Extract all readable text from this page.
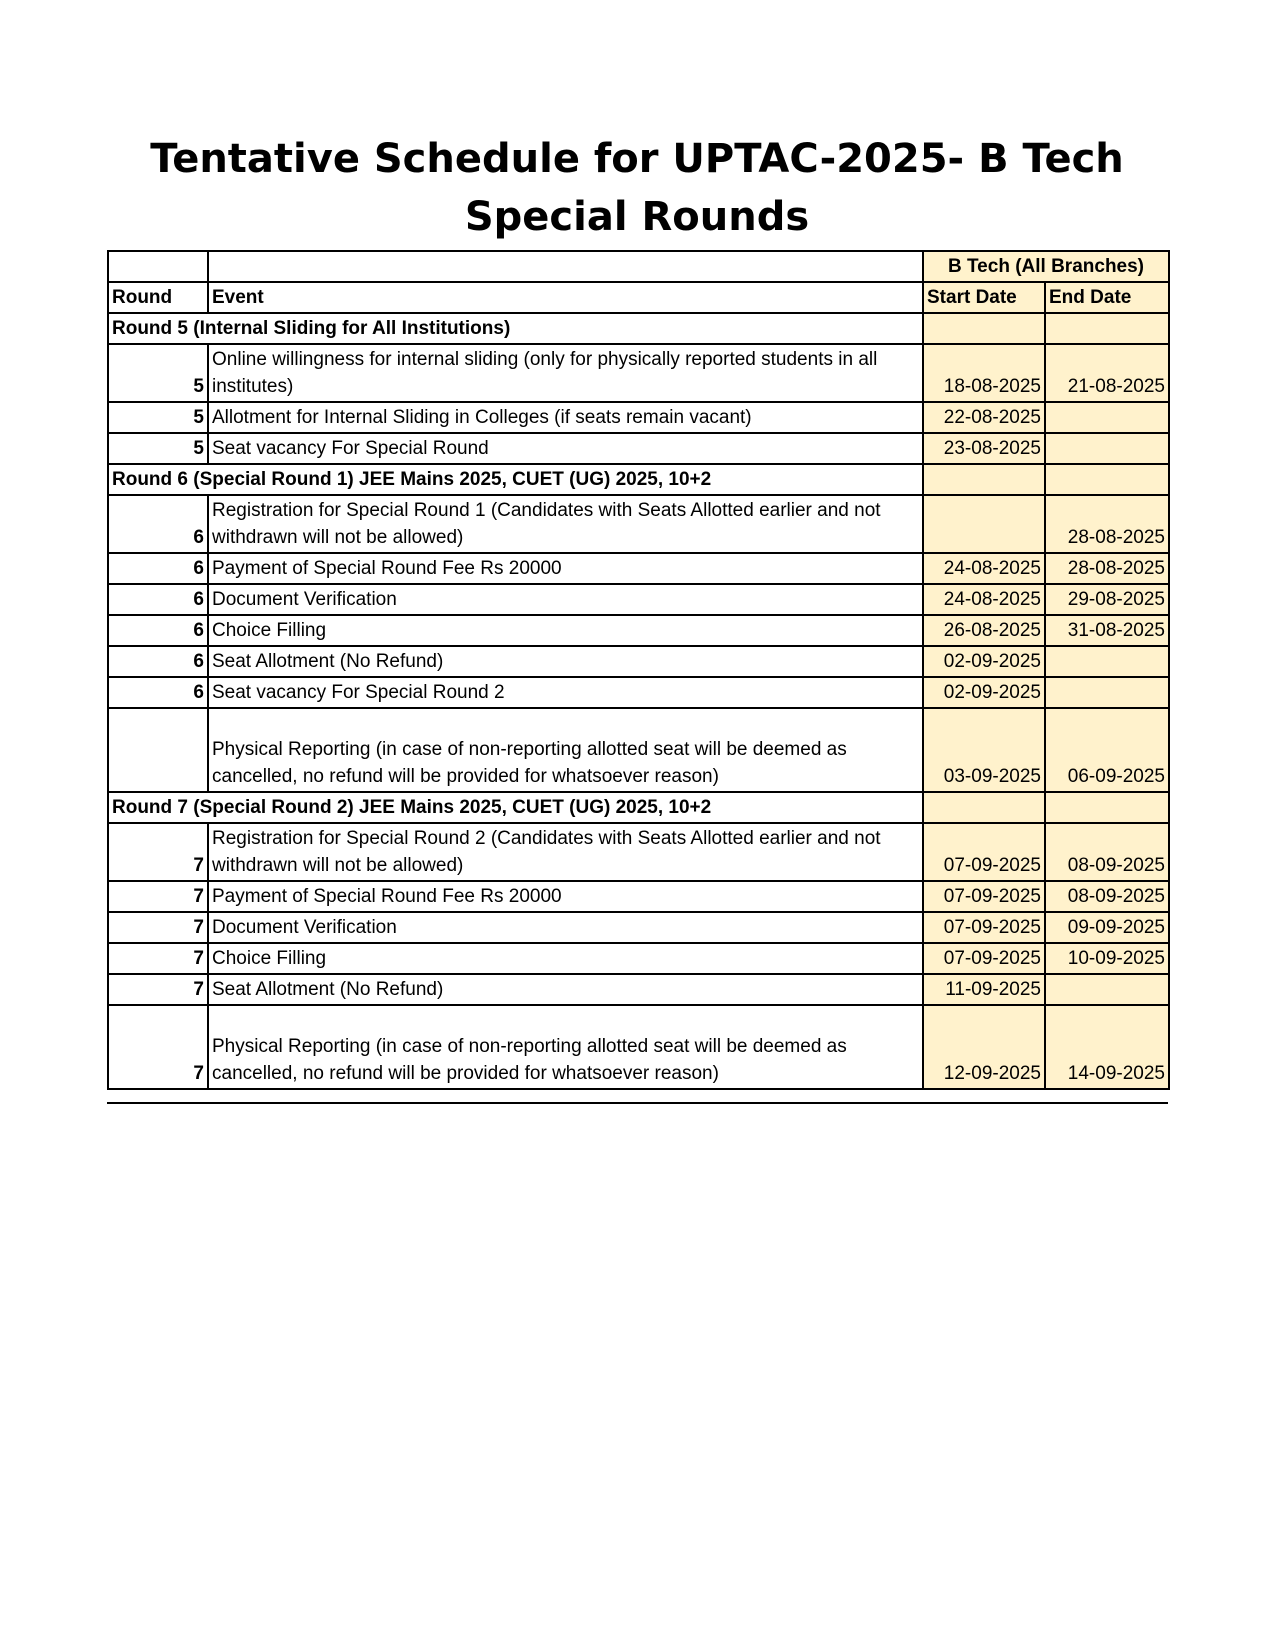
Tentative Schedule for UPTAC-2025- B Tech
Special Rounds
		B Tech (All Branches)	
Round	Event	Start Date	End Date
Round 5 (Internal Sliding for All Institutions)			
5	Online willingness for internal sliding (only for physically reported students in all institutes)	18-08-2025	21-08-2025
5	Allotment for Internal Sliding in Colleges (if seats remain vacant)	22-08-2025	
5	Seat vacancy For Special Round	23-08-2025	
Round 6 (Special Round 1) JEE Mains 2025, CUET (UG) 2025, 10+2			
6	Registration for Special Round 1 (Candidates with Seats Allotted earlier and not withdrawn will not be allowed)		28-08-2025
6	Payment of Special Round Fee Rs 20000	24-08-2025	28-08-2025
6	Document Verification	24-08-2025	29-08-2025
6	Choice Filling	26-08-2025	31-08-2025
6	Seat Allotment (No Refund)	02-09-2025	
6	Seat vacancy For Special Round 2	02-09-2025	
	Physical Reporting (in case of non-reporting allotted seat will be deemed as cancelled, no refund will be provided for whatsoever reason)	03-09-2025	06-09-2025
Round 7 (Special Round 2) JEE Mains 2025, CUET (UG) 2025, 10+2			
7	Registration for Special Round 2 (Candidates with Seats Allotted earlier and not withdrawn will not be allowed)	07-09-2025	08-09-2025
7	Payment of Special Round Fee Rs 20000	07-09-2025	08-09-2025
7	Document Verification	07-09-2025	09-09-2025
7	Choice Filling	07-09-2025	10-09-2025
7	Seat Allotment (No Refund)	11-09-2025	
7	Physical Reporting (in case of non-reporting allotted seat will be deemed as cancelled, no refund will be provided for whatsoever reason)	12-09-2025	14-09-2025
